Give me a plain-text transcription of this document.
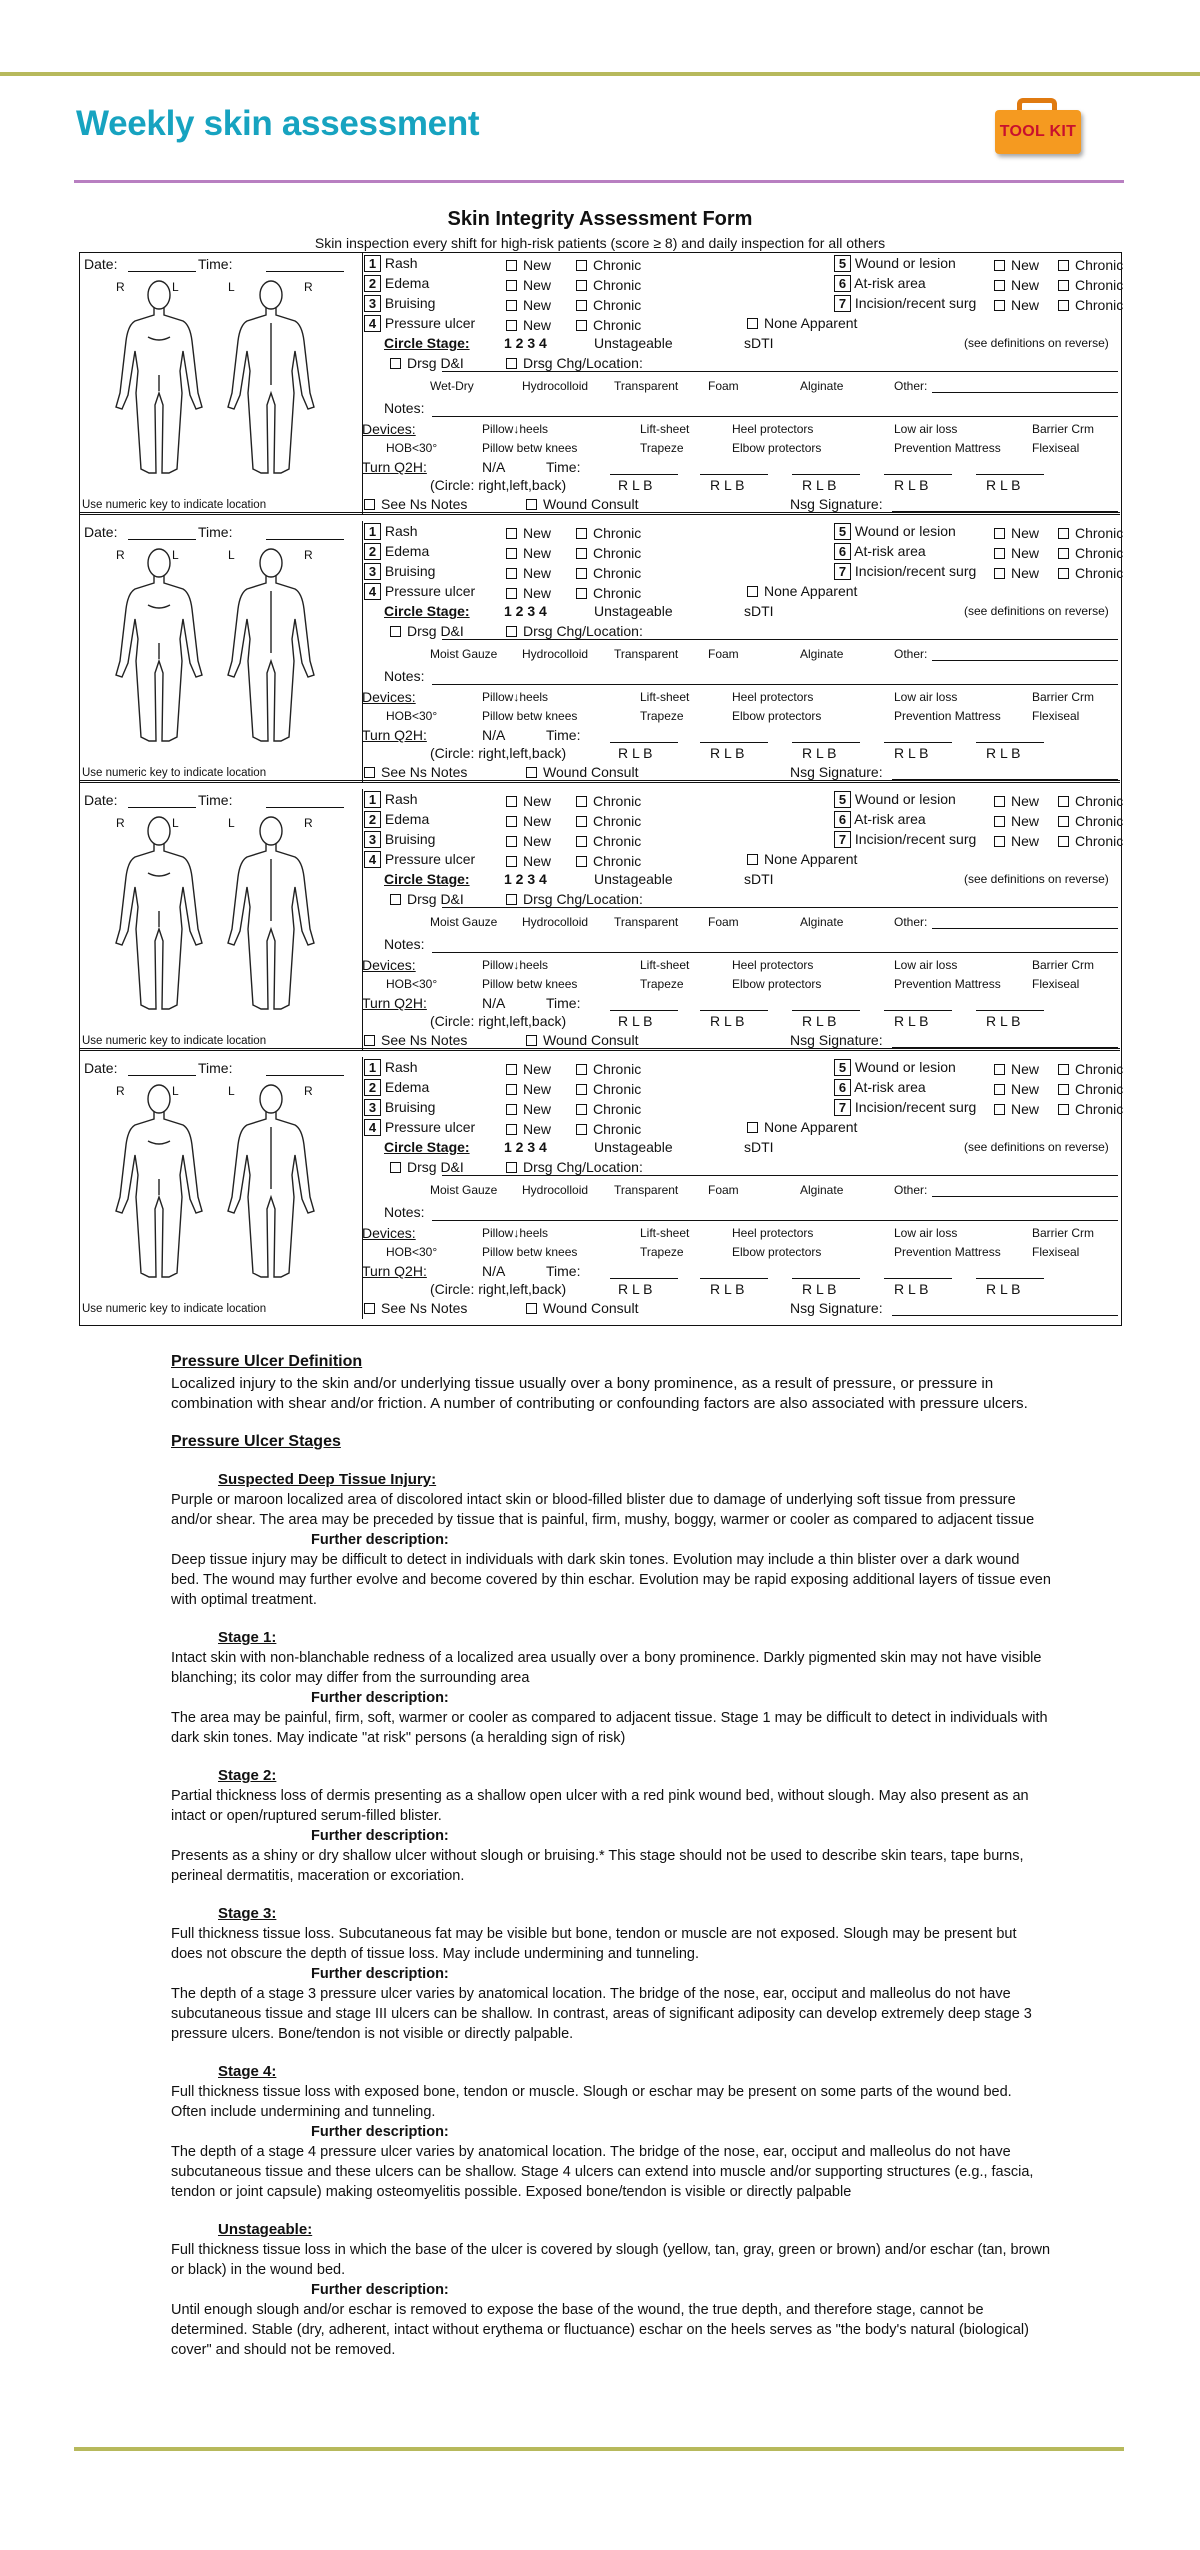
Weekly skin assessment	TOOL KIT
Skin Integrity Assessment Form
Skin inspection every shift for high-risk patients (score ≥ 8) and daily inspection for all others
Date:	Time:
R	L	L	R
Use numeric key to indicate location
1 Rash	New	Chronic
2 Edema	New	Chronic
3 Bruising	New	Chronic
4 Pressure ulcer	New	Chronic
5 Wound or lesion	New	Chronic
6 At-risk area	New	Chronic
7 Incision/recent surg	New	Chronic
None Apparent
Circle Stage: 1 2 3 4	Unstageable	sDTI	(see definitions on reverse)
Drsg D&I	Drsg Chg/Location:
Wet-Dry	Hydrocolloid Transparent Foam	Alginate	Other:
Notes:
Devices:	Pillow↓heels	Lift-sheet	Heel protectors	Low air loss	Barrier Crm
HOB<30°	Pillow betw knees	Trapeze	Elbow protectors	Prevention Mattress	Flexiseal
Turn Q2H:	N/A	Time:
(Circle: right,left,back)	R L B	R L B	R L B	R L B	R L B
See Ns Notes	Wound Consult	Nsg Signature:
Date:	Time:
R	L	L	R
Use numeric key to indicate location
1 Rash	New	Chronic
2 Edema	New	Chronic
3 Bruising	New	Chronic
4 Pressure ulcer	New	Chronic
5 Wound or lesion	New	Chronic
6 At-risk area	New	Chronic
7 Incision/recent surg	New	Chronic
None Apparent
Circle Stage: 1 2 3 4	Unstageable	sDTI	(see definitions on reverse)
Drsg D&I	Drsg Chg/Location:
Moist Gauze Hydrocolloid Transparent Foam	Alginate	Other:
Notes:
Devices:	Pillow↓heels	Lift-sheet	Heel protectors	Low air loss	Barrier Crm
HOB<30°	Pillow betw knees	Trapeze	Elbow protectors	Prevention Mattress	Flexiseal
Turn Q2H:	N/A	Time:
(Circle: right,left,back)	R L B	R L B	R L B	R L B	R L B
See Ns Notes	Wound Consult	Nsg Signature:
Date:	Time:
R	L	L	R
Use numeric key to indicate location
1 Rash	New	Chronic
2 Edema	New	Chronic
3 Bruising	New	Chronic
4 Pressure ulcer	New	Chronic
5 Wound or lesion	New	Chronic
6 At-risk area	New	Chronic
7 Incision/recent surg	New	Chronic
None Apparent
Circle Stage: 1 2 3 4	Unstageable	sDTI	(see definitions on reverse)
Drsg D&I	Drsg Chg/Location:
Moist Gauze Hydrocolloid Transparent Foam	Alginate	Other:
Notes:
Devices:	Pillow↓heels	Lift-sheet	Heel protectors	Low air loss	Barrier Crm
HOB<30°	Pillow betw knees	Trapeze	Elbow protectors	Prevention Mattress	Flexiseal
Turn Q2H:	N/A	Time:
(Circle: right,left,back)	R L B	R L B	R L B	R L B	R L B
See Ns Notes	Wound Consult	Nsg Signature:
Date:	Time:
R	L	L	R
Use numeric key to indicate location
1 Rash	New	Chronic
2 Edema	New	Chronic
3 Bruising	New	Chronic
4 Pressure ulcer	New	Chronic
5 Wound or lesion	New	Chronic
6 At-risk area	New	Chronic
7 Incision/recent surg	New	Chronic
None Apparent
Circle Stage: 1 2 3 4	Unstageable	sDTI	(see definitions on reverse)
Drsg D&I	Drsg Chg/Location:
Moist Gauze Hydrocolloid Transparent Foam	Alginate	Other:
Notes:
Devices:	Pillow↓heels	Lift-sheet	Heel protectors	Low air loss	Barrier Crm
HOB<30°	Pillow betw knees	Trapeze	Elbow protectors	Prevention Mattress	Flexiseal
Turn Q2H:	N/A	Time:
(Circle: right,left,back)	R L B	R L B	R L B	R L B	R L B
See Ns Notes	Wound Consult	Nsg Signature:
Pressure Ulcer Definition

Localized injury to the skin and/or underlying tissue usually over a bony prominence, as a result of pressure, or pressure in combination with shear and/or friction. A number of contributing or confounding factors are also associated with pressure ulcers.

Pressure Ulcer Stages
Suspected Deep Tissue Injury:

Purple or maroon localized area of discolored intact skin or blood-filled blister due to damage of underlying soft tissue from pressure and/or shear. The area may be preceded by tissue that is painful, firm, mushy, boggy, warmer or cooler as compared to adjacent tissue

Further description:

Deep tissue injury may be difficult to detect in individuals with dark skin tones. Evolution may include a thin blister over a dark wound bed. The wound may further evolve and become covered by thin eschar. Evolution may be rapid exposing additional layers of tissue even with optimal treatment.

Stage 1:

Intact skin with non-blanchable redness of a localized area usually over a bony prominence. Darkly pigmented skin may not have visible blanching; its color may differ from the surrounding area

Further description:

The area may be painful, firm, soft, warmer or cooler as compared to adjacent tissue. Stage 1 may be difficult to detect in individuals with dark skin tones. May indicate "at risk" persons (a heralding sign of risk)

Stage 2:

Partial thickness loss of dermis presenting as a shallow open ulcer with a red pink wound bed, without slough. May also present as an intact or open/ruptured serum-filled blister.

Further description:

Presents as a shiny or dry shallow ulcer without slough or bruising.* This stage should not be used to describe skin tears, tape burns, perineal dermatitis, maceration or excoriation.

Stage 3:

Full thickness tissue loss. Subcutaneous fat may be visible but bone, tendon or muscle are not exposed. Slough may be present but does not obscure the depth of tissue loss. May include undermining and tunneling.

Further description:

The depth of a stage 3 pressure ulcer varies by anatomical location. The bridge of the nose, ear, occiput and malleolus do not have subcutaneous tissue and stage III ulcers can be shallow. In contrast, areas of significant adiposity can develop extremely deep stage 3 pressure ulcers. Bone/tendon is not visible or directly palpable.

Stage 4:

Full thickness tissue loss with exposed bone, tendon or muscle. Slough or eschar may be present on some parts of the wound bed. Often include undermining and tunneling.

Further description:

The depth of a stage 4 pressure ulcer varies by anatomical location. The bridge of the nose, ear, occiput and malleolus do not have subcutaneous tissue and these ulcers can be shallow. Stage 4 ulcers can extend into muscle and/or supporting structures (e.g., fascia, tendon or joint capsule) making osteomyelitis possible. Exposed bone/tendon is visible or directly palpable

Unstageable:

Full thickness tissue loss in which the base of the ulcer is covered by slough (yellow, tan, gray, green or brown) and/or eschar (tan, brown or black) in the wound bed.

Further description:

Until enough slough and/or eschar is removed to expose the base of the wound, the true depth, and therefore stage, cannot be determined. Stable (dry, adherent, intact without erythema or fluctuance) eschar on the heels serves as "the body's natural (biological) cover" and should not be removed.
